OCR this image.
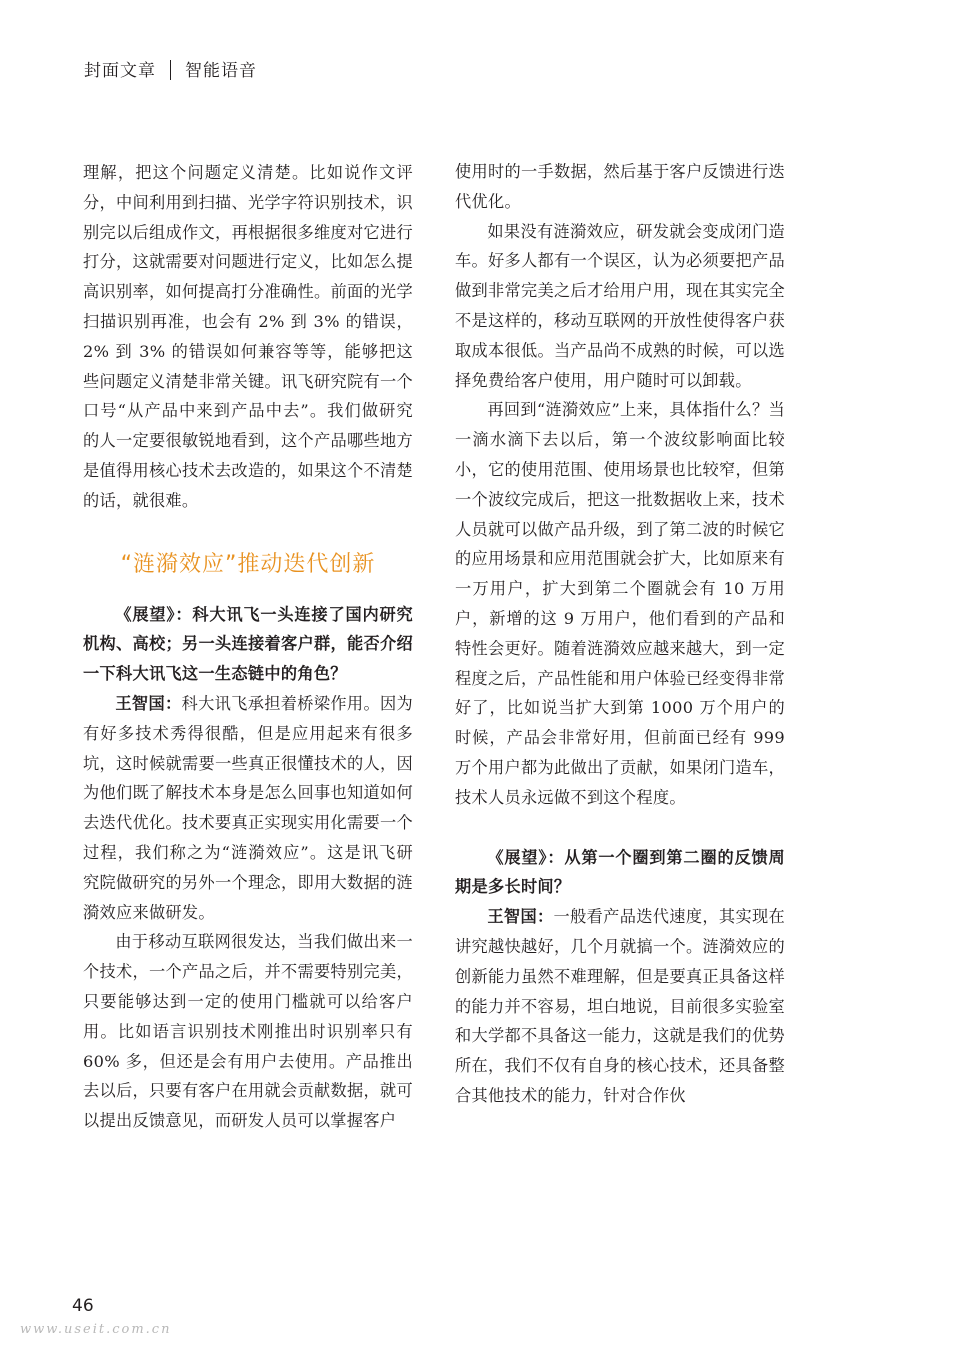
封面文章 智能语音

理解，把这个问题定义清楚。比如说作文评分，中间利用到扫描、光学字符识别技术，识别完以后组成作文，再根据很多维度对它进行打分，这就需要对问题进行定义，比如怎么提高识别率，如何提高打分准确性。前面的光学扫描识别再准，也会有 2% 到 3% 的错误，2% 到 3% 的错误如何兼容等等，能够把这些问题定义清楚非常关键。讯飞研究院有一个口号“从产品中来到产品中去”。我们做研究的人一定要很敏锐地看到，这个产品哪些地方是值得用核心技术去改造的，如果这个不清楚的话，就很难。

“涟漪效应”推动迭代创新

《展望》：科大讯飞一头连接了国内研究机构、高校；另一头连接着客户群，能否介绍一下科大讯飞这一生态链中的角色？

王智国：科大讯飞承担着桥梁作用。因为有好多技术秀得很酷，但是应用起来有很多坑，这时候就需要一些真正很懂技术的人，因为他们既了解技术本身是怎么回事也知道如何去迭代优化。技术要真正实现实用化需要一个过程，我们称之为“涟漪效应”。这是讯飞研究院做研究的另外一个理念，即用大数据的涟漪效应来做研发。

由于移动互联网很发达，当我们做出来一个技术，一个产品之后，并不需要特别完美，只要能够达到一定的使用门槛就可以给客户用。比如语言识别技术刚推出时识别率只有 60% 多，但还是会有用户去使用。产品推出去以后，只要有客户在用就会贡献数据，就可以提出反馈意见，而研发人员可以掌握客户

使用时的一手数据，然后基于客户反馈进行迭代优化。

如果没有涟漪效应，研发就会变成闭门造车。好多人都有一个误区，认为必须要把产品做到非常完美之后才给用户用，现在其实完全不是这样的，移动互联网的开放性使得客户获取成本很低。当产品尚不成熟的时候，可以选择免费给客户使用，用户随时可以卸载。

再回到“涟漪效应”上来，具体指什么？当一滴水滴下去以后，第一个波纹影响面比较小，它的使用范围、使用场景也比较窄，但第一个波纹完成后，把这一批数据收上来，技术人员就可以做产品升级，到了第二波的时候它的应用场景和应用范围就会扩大，比如原来有一万用户，扩大到第二个圈就会有 10 万用户，新增的这 9 万用户，他们看到的产品和特性会更好。随着涟漪效应越来越大，到一定程度之后，产品性能和用户体验已经变得非常好了，比如说当扩大到第 1000 万个用户的时候，产品会非常好用，但前面已经有 999 万个用户都为此做出了贡献，如果闭门造车，技术人员永远做不到这个程度。

《展望》：从第一个圈到第二圈的反馈周期是多长时间？

王智国：一般看产品迭代速度，其实现在讲究越快越好，几个月就搞一个。涟漪效应的创新能力虽然不难理解，但是要真正具备这样的能力并不容易，坦白地说，目前很多实验室和大学都不具备这一能力，这就是我们的优势所在，我们不仅有自身的核心技术，还具备整合其他技术的能力，针对合作伙

46
www.useit.com.cn
